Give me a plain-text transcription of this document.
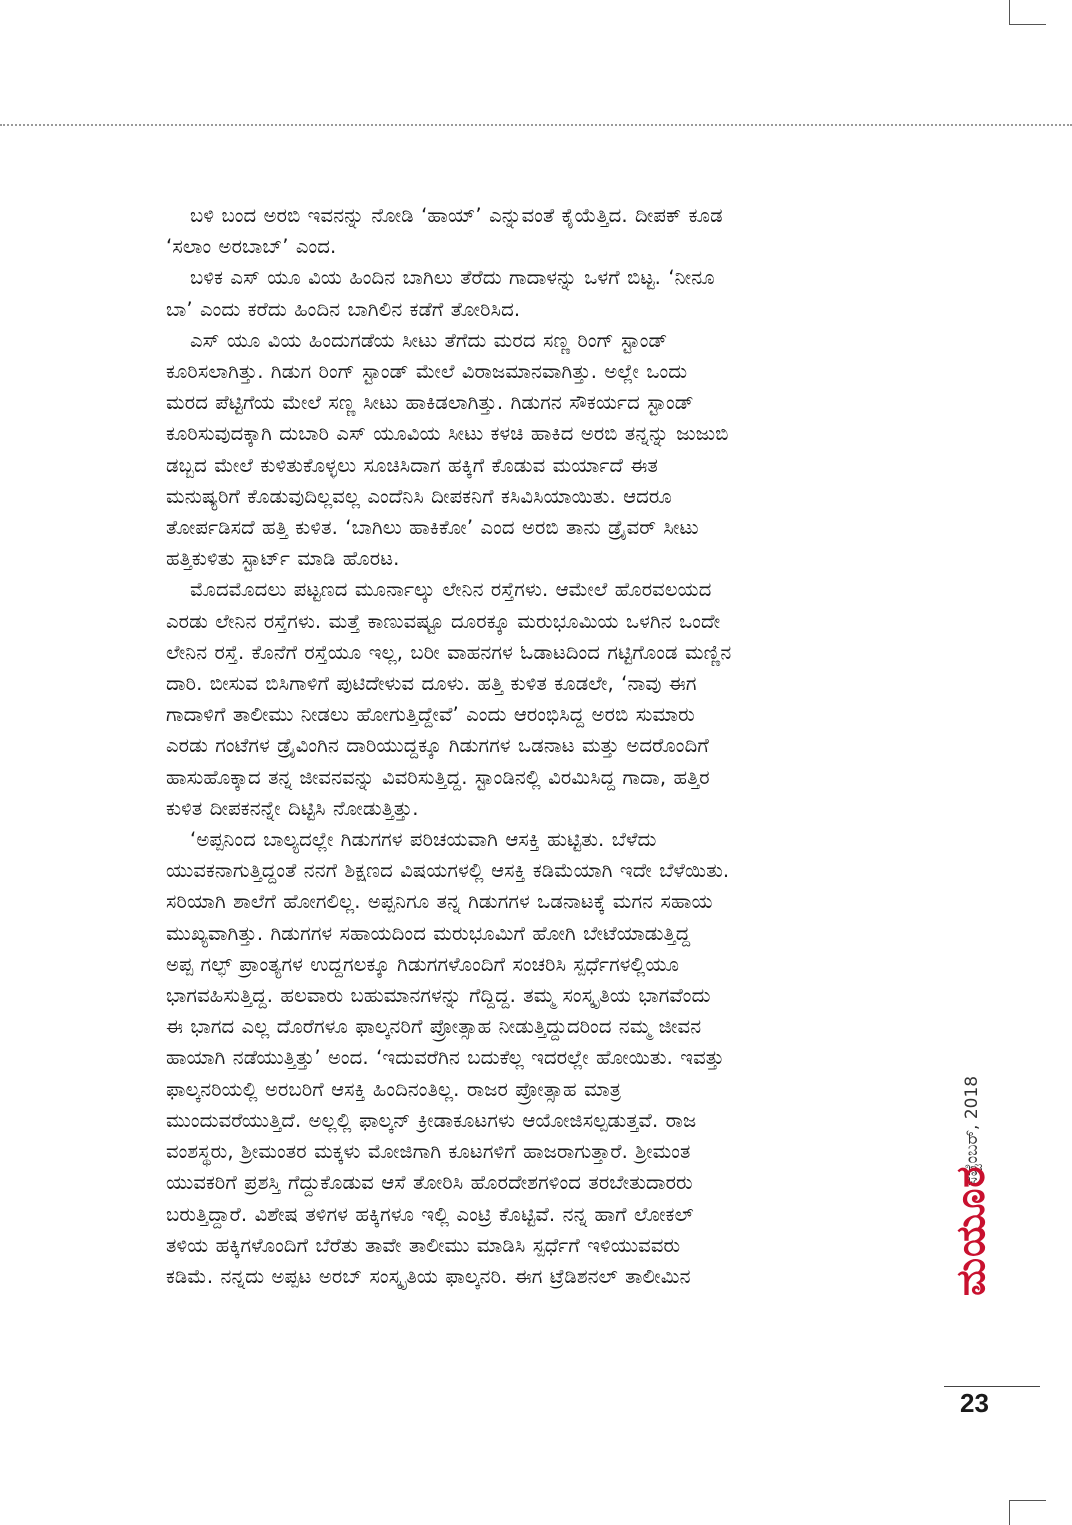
ಬಳಿ ಬಂದ ಅರಬಿ ಇವನನ್ನು ನೋಡಿ ‘ಹಾಯ್’ ಎನ್ನುವಂತೆ ಕೈಯೆತ್ತಿದ. ದೀಪಕ್ ಕೂಡ
‘ಸಲಾಂ ಅರಬಾಬ್’ ಎಂದ.

ಬಳಿಕ ಎಸ್ ಯೂ ವಿಯ ಹಿಂದಿನ ಬಾಗಿಲು ತೆರೆದು ಗಾದಾಳನ್ನು ಒಳಗೆ ಬಿಟ್ಟ. ‘ನೀನೂ
ಬಾ’ ಎಂದು ಕರೆದು ಹಿಂದಿನ ಬಾಗಿಲಿನ ಕಡೆಗೆ ತೋರಿಸಿದ.

ಎಸ್ ಯೂ ವಿಯ ಹಿಂದುಗಡೆಯ ಸೀಟು ತೆಗೆದು ಮರದ ಸಣ್ಣ ರಿಂಗ್ ಸ್ಟಾಂಡ್
ಕೂರಿಸಲಾಗಿತ್ತು. ಗಿಡುಗ ರಿಂಗ್ ಸ್ಟಾಂಡ್ ಮೇಲೆ ವಿರಾಜಮಾನವಾಗಿತ್ತು. ಅಲ್ಲೇ ಒಂದು
ಮರದ ಪೆಟ್ಟಿಗೆಯ ಮೇಲೆ ಸಣ್ಣ ಸೀಟು ಹಾಕಿಡಲಾಗಿತ್ತು. ಗಿಡುಗನ ಸೌಕರ್ಯದ ಸ್ಟಾಂಡ್
ಕೂರಿಸುವುದಕ್ಕಾಗಿ ದುಬಾರಿ ಎಸ್ ಯೂವಿಯ ಸೀಟು ಕಳಚಿ ಹಾಕಿದ ಅರಬಿ ತನ್ನನ್ನು ಜುಜುಬಿ
ಡಬ್ಬದ ಮೇಲೆ ಕುಳಿತುಕೊಳ್ಳಲು ಸೂಚಿಸಿದಾಗ ಹಕ್ಕಿಗೆ ಕೊಡುವ ಮರ್ಯಾದೆ ಈತ
ಮನುಷ್ಯರಿಗೆ ಕೊಡುವುದಿಲ್ಲವಲ್ಲ ಎಂದೆನಿಸಿ ದೀಪಕನಿಗೆ ಕಸಿವಿಸಿಯಾಯಿತು. ಆದರೂ
ತೋರ್ಪಡಿಸದೆ ಹತ್ತಿ ಕುಳಿತ. ‘ಬಾಗಿಲು ಹಾಕಿಕೋ’ ಎಂದ ಅರಬಿ ತಾನು ಡ್ರೈವರ್ ಸೀಟು
ಹತ್ತಿಕುಳಿತು ಸ್ಟಾರ್ಟ್ ಮಾಡಿ ಹೊರಟ.

ಮೊದಮೊದಲು ಪಟ್ಟಣದ ಮೂರ್ನಾಲ್ಕು ಲೇನಿನ ರಸ್ತೆಗಳು. ಆಮೇಲೆ ಹೊರವಲಯದ
ಎರಡು ಲೇನಿನ ರಸ್ತೆಗಳು. ಮತ್ತೆ ಕಾಣುವಷ್ಟೂ ದೂರಕ್ಕೂ ಮರುಭೂಮಿಯ ಒಳಗಿನ ಒಂದೇ
ಲೇನಿನ ರಸ್ತೆ. ಕೊನೆಗೆ ರಸ್ತೆಯೂ ಇಲ್ಲ, ಬರೀ ವಾಹನಗಳ ಓಡಾಟದಿಂದ ಗಟ್ಟಿಗೊಂಡ ಮಣ್ಣಿನ
ದಾರಿ. ಬೀಸುವ ಬಿಸಿಗಾಳಿಗೆ ಪುಟಿದೇಳುವ ದೂಳು. ಹತ್ತಿ ಕುಳಿತ ಕೂಡಲೇ, ‘ನಾವು ಈಗ
ಗಾದಾಳಿಗೆ ತಾಲೀಮು ನೀಡಲು ಹೋಗುತ್ತಿದ್ದೇವೆ’ ಎಂದು ಆರಂಭಿಸಿದ್ದ ಅರಬಿ ಸುಮಾರು
ಎರಡು ಗಂಟೆಗಳ ಡ್ರೈವಿಂಗಿನ ದಾರಿಯುದ್ದಕ್ಕೂ ಗಿಡುಗಗಳ ಒಡನಾಟ ಮತ್ತು ಅದರೊಂದಿಗೆ
ಹಾಸುಹೊಕ್ಕಾದ ತನ್ನ ಜೀವನವನ್ನು ವಿವರಿಸುತ್ತಿದ್ದ. ಸ್ಟಾಂಡಿನಲ್ಲಿ ವಿರಮಿಸಿದ್ದ ಗಾದಾ, ಹತ್ತಿರ
ಕುಳಿತ ದೀಪಕನನ್ನೇ ದಿಟ್ಟಿಸಿ ನೋಡುತ್ತಿತ್ತು.

‘ಅಪ್ಪನಿಂದ ಬಾಲ್ಯದಲ್ಲೇ ಗಿಡುಗಗಳ ಪರಿಚಯವಾಗಿ ಆಸಕ್ತಿ ಹುಟ್ಟಿತು. ಬೆಳೆದು
ಯುವಕನಾಗುತ್ತಿದ್ದಂತೆ ನನಗೆ ಶಿಕ್ಷಣದ ವಿಷಯಗಳಲ್ಲಿ ಆಸಕ್ತಿ ಕಡಿಮೆಯಾಗಿ ಇದೇ ಬೆಳೆಯಿತು.
ಸರಿಯಾಗಿ ಶಾಲೆಗೆ ಹೋಗಲಿಲ್ಲ. ಅಪ್ಪನಿಗೂ ತನ್ನ ಗಿಡುಗಗಳ ಒಡನಾಟಕ್ಕೆ ಮಗನ ಸಹಾಯ
ಮುಖ್ಯವಾಗಿತ್ತು. ಗಿಡುಗಗಳ ಸಹಾಯದಿಂದ ಮರುಭೂಮಿಗೆ ಹೋಗಿ ಬೇಟೆಯಾಡುತ್ತಿದ್ದ
ಅಪ್ಪ ಗಲ್ಫ್ ಪ್ರಾಂತ್ಯಗಳ ಉದ್ದಗಲಕ್ಕೂ ಗಿಡುಗಗಳೊಂದಿಗೆ ಸಂಚರಿಸಿ ಸ್ಪರ್ಧೆಗಳಲ್ಲಿಯೂ
ಭಾಗವಹಿಸುತ್ತಿದ್ದ. ಹಲವಾರು ಬಹುಮಾನಗಳನ್ನು ಗೆದ್ದಿದ್ದ. ತಮ್ಮ ಸಂಸ್ಕೃತಿಯ ಭಾಗವೆಂದು
ಈ ಭಾಗದ ಎಲ್ಲ ದೊರೆಗಳೂ ಫಾಲ್ಕನರಿಗೆ ಪ್ರೋತ್ಸಾಹ ನೀಡುತ್ತಿದ್ದುದರಿಂದ ನಮ್ಮ ಜೀವನ
ಹಾಯಾಗಿ ನಡೆಯುತ್ತಿತ್ತು’ ಅಂದ. ‘ಇದುವರೆಗಿನ ಬದುಕೆಲ್ಲ ಇದರಲ್ಲೇ ಹೋಯಿತು. ಇವತ್ತು
ಫಾಲ್ಕನರಿಯಲ್ಲಿ ಅರಬರಿಗೆ ಆಸಕ್ತಿ ಹಿಂದಿನಂತಿಲ್ಲ. ರಾಜರ ಪ್ರೋತ್ಸಾಹ ಮಾತ್ರ
ಮುಂದುವರೆಯುತ್ತಿದೆ. ಅಲ್ಲಲ್ಲಿ ಫಾಲ್ಕನ್ ಕ್ರೀಡಾಕೂಟಗಳು ಆಯೋಜಿಸಲ್ಪಡುತ್ತವೆ. ರಾಜ
ವಂಶಸ್ಥರು, ಶ್ರೀಮಂತರ ಮಕ್ಕಳು ಮೋಜಿಗಾಗಿ ಕೂಟಗಳಿಗೆ ಹಾಜರಾಗುತ್ತಾರೆ. ಶ್ರೀಮಂತ
ಯುವಕರಿಗೆ ಪ್ರಶಸ್ತಿ ಗೆದ್ದುಕೊಡುವ ಆಸೆ ತೋರಿಸಿ ಹೊರದೇಶಗಳಿಂದ ತರಬೇತುದಾರರು
ಬರುತ್ತಿದ್ದಾರೆ. ವಿಶೇಷ ತಳಿಗಳ ಹಕ್ಕಿಗಳೂ ಇಲ್ಲಿ ಎಂಟ್ರಿ ಕೊಟ್ಟಿವೆ. ನನ್ನ ಹಾಗೆ ಲೋಕಲ್
ತಳಿಯ ಹಕ್ಕಿಗಳೊಂದಿಗೆ ಬೆರೆತು ತಾವೇ ತಾಲೀಮು ಮಾಡಿಸಿ ಸ್ಪರ್ಧೆಗೆ ಇಳಿಯುವವರು
ಕಡಿಮೆ. ನನ್ನದು ಅಪ್ಪಟ ಅರಬ್ ಸಂಸ್ಕೃತಿಯ ಫಾಲ್ಕನರಿ. ಈಗ ಟ್ರೆಡಿಶನಲ್ ತಾಲೀಮಿನ

ಸೆಪ್ಟೆಂಬರ್, 2018
ಮಯೂರ
23
